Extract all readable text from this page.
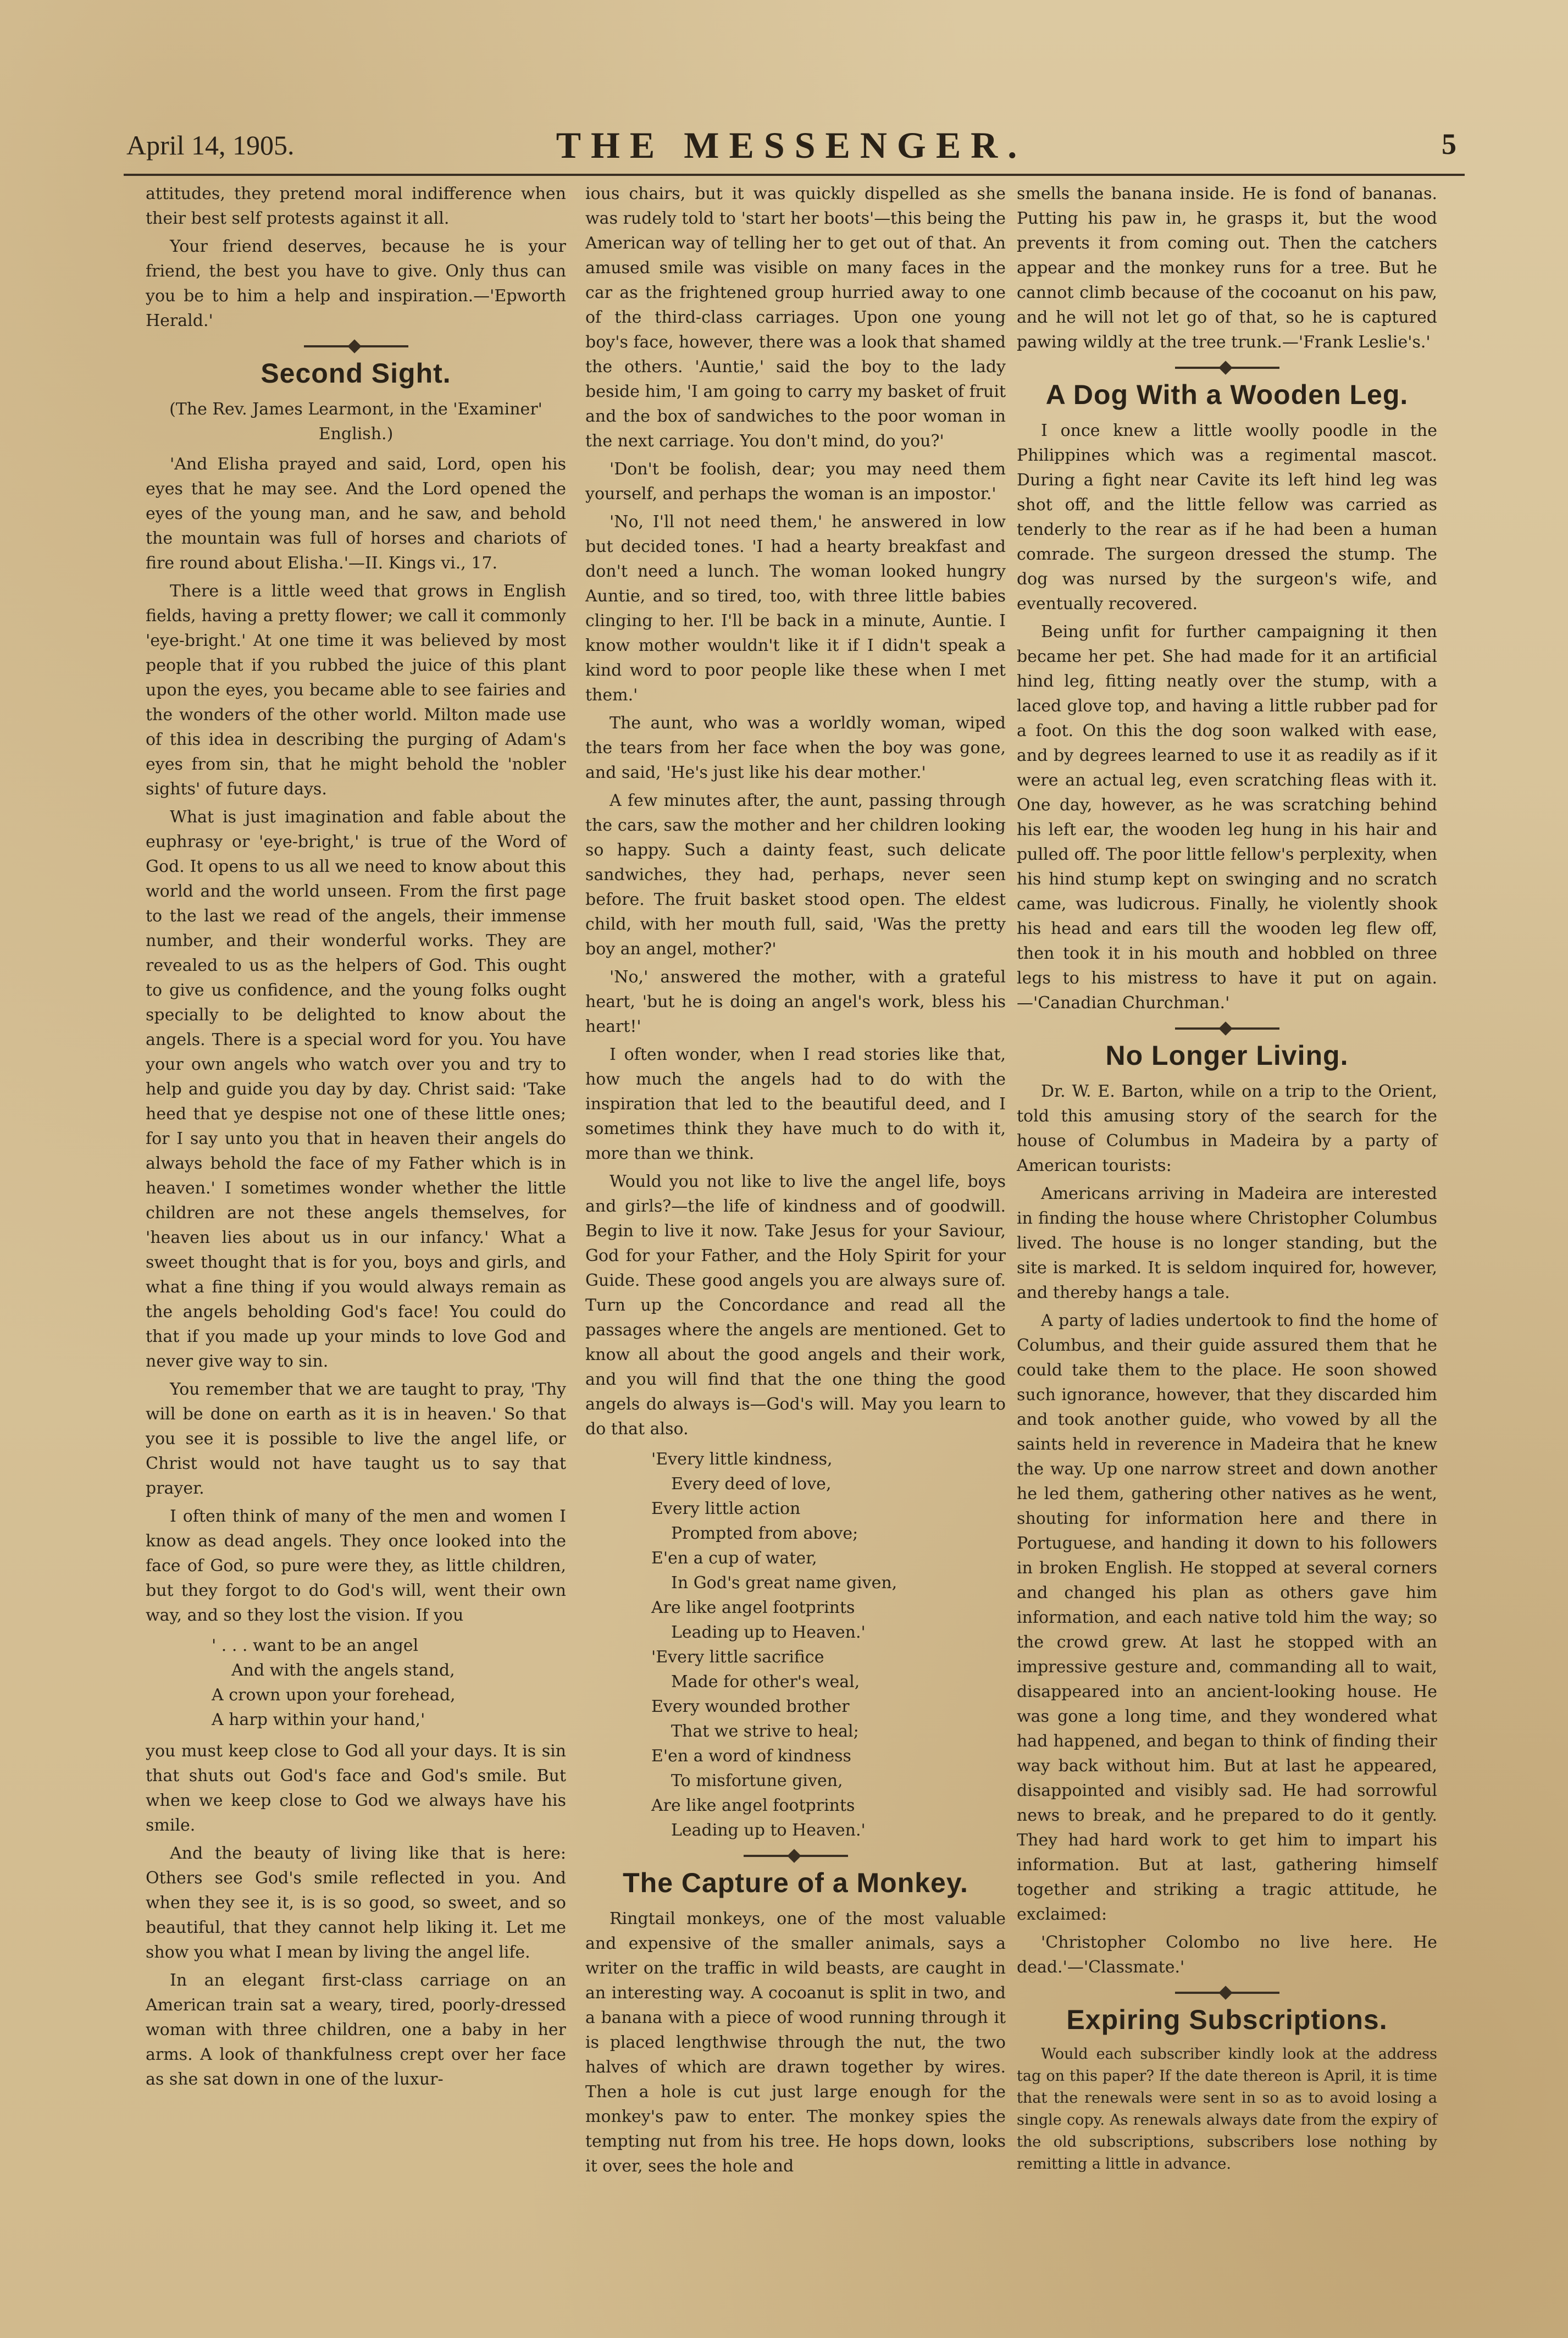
April 14, 1905.	THE MESSENGER.	5

attitudes, they pretend moral indifference when their best self protests against it all.

Your friend deserves, because he is your friend, the best you have to give. Only thus can you be to him a help and inspiration.—'Epworth Herald.'

Second Sight.

(The Rev. James Learmont, in the 'Examiner' English.)

'And Elisha prayed and said, Lord, open his eyes that he may see. And the Lord opened the eyes of the young man, and he saw, and behold the mountain was full of horses and chariots of fire round about Elisha.'—II. Kings vi., 17.

There is a little weed that grows in English fields, having a pretty flower; we call it commonly 'eye-bright.' At one time it was believed by most people that if you rubbed the juice of this plant upon the eyes, you became able to see fairies and the wonders of the other world. Milton made use of this idea in describing the purging of Adam's eyes from sin, that he might behold the 'nobler sights' of future days.

What is just imagination and fable about the euphrasy or 'eye-bright,' is true of the Word of God. It opens to us all we need to know about this world and the world unseen. From the first page to the last we read of the angels, their immense number, and their wonderful works. They are revealed to us as the helpers of God. This ought to give us confidence, and the young folks ought specially to be delighted to know about the angels. There is a special word for you. You have your own angels who watch over you and try to help and guide you day by day. Christ said: 'Take heed that ye despise not one of these little ones; for I say unto you that in heaven their angels do always behold the face of my Father which is in heaven.' I sometimes wonder whether the little children are not these angels themselves, for 'heaven lies about us in our infancy.' What a sweet thought that is for you, boys and girls, and what a fine thing if you would always remain as the angels beholding God's face! You could do that if you made up your minds to love God and never give way to sin.

You remember that we are taught to pray, 'Thy will be done on earth as it is in heaven.' So that you see it is possible to live the angel life, or Christ would not have taught us to say that prayer.

I often think of many of the men and women I know as dead angels. They once looked into the face of God, so pure were they, as little children, but they forgot to do God's will, went their own way, and so they lost the vision. If you

' . . . want to be an angel
And with the angels stand,
A crown upon your forehead,
A harp within your hand,'

you must keep close to God all your days. It is sin that shuts out God's face and God's smile. But when we keep close to God we always have his smile.

And the beauty of living like that is here: Others see God's smile reflected in you. And when they see it, is is so good, so sweet, and so beautiful, that they cannot help liking it. Let me show you what I mean by living the angel life.

In an elegant first-class carriage on an American train sat a weary, tired, poorly-dressed woman with three children, one a baby in her arms. A look of thankfulness crept over her face as she sat down in one of the luxur-

ious chairs, but it was quickly dispelled as she was rudely told to 'start her boots'—this being the American way of telling her to get out of that. An amused smile was visible on many faces in the car as the frightened group hurried away to one of the third-class carriages. Upon one young boy's face, however, there was a look that shamed the others. 'Auntie,' said the boy to the lady beside him, 'I am going to carry my basket of fruit and the box of sandwiches to the poor woman in the next carriage. You don't mind, do you?'

'Don't be foolish, dear; you may need them yourself, and perhaps the woman is an impostor.'

'No, I'll not need them,' he answered in low but decided tones. 'I had a hearty breakfast and don't need a lunch. The woman looked hungry Auntie, and so tired, too, with three little babies clinging to her. I'll be back in a minute, Auntie. I know mother wouldn't like it if I didn't speak a kind word to poor people like these when I met them.'

The aunt, who was a worldly woman, wiped the tears from her face when the boy was gone, and said, 'He's just like his dear mother.'

A few minutes after, the aunt, passing through the cars, saw the mother and her children looking so happy. Such a dainty feast, such delicate sandwiches, they had, perhaps, never seen before. The fruit basket stood open. The eldest child, with her mouth full, said, 'Was the pretty boy an angel, mother?'

'No,' answered the mother, with a grateful heart, 'but he is doing an angel's work, bless his heart!'

I often wonder, when I read stories like that, how much the angels had to do with the inspiration that led to the beautiful deed, and I sometimes think they have much to do with it, more than we think.

Would you not like to live the angel life, boys and girls?—the life of kindness and of goodwill. Begin to live it now. Take Jesus for your Saviour, God for your Father, and the Holy Spirit for your Guide. These good angels you are always sure of. Turn up the Concordance and read all the passages where the angels are mentioned. Get to know all about the good angels and their work, and you will find that the one thing the good angels do always is—God's will. May you learn to do that also.

'Every little kindness,
Every deed of love,
Every little action
Prompted from above;
E'en a cup of water,
In God's great name given,
Are like angel footprints
Leading up to Heaven.'
'Every little sacrifice
Made for other's weal,
Every wounded brother
That we strive to heal;
E'en a word of kindness
To misfortune given,
Are like angel footprints
Leading up to Heaven.'
The Capture of a Monkey.

Ringtail monkeys, one of the most valuable and expensive of the smaller animals, says a writer on the traffic in wild beasts, are caught in an interesting way. A cocoanut is split in two, and a banana with a piece of wood running through it is placed lengthwise through the nut, the two halves of which are drawn together by wires. Then a hole is cut just large enough for the monkey's paw to enter. The monkey spies the tempting nut from his tree. He hops down, looks it over, sees the hole and

smells the banana inside. He is fond of bananas. Putting his paw in, he grasps it, but the wood prevents it from coming out. Then the catchers appear and the monkey runs for a tree. But he cannot climb because of the cocoanut on his paw, and he will not let go of that, so he is captured pawing wildly at the tree trunk.—'Frank Leslie's.'

A Dog With a Wooden Leg.

I once knew a little woolly poodle in the Philippines which was a regimental mascot. During a fight near Cavite its left hind leg was shot off, and the little fellow was carried as tenderly to the rear as if he had been a human comrade. The surgeon dressed the stump. The dog was nursed by the surgeon's wife, and eventually recovered.

Being unfit for further campaigning it then became her pet. She had made for it an artificial hind leg, fitting neatly over the stump, with a laced glove top, and having a little rubber pad for a foot. On this the dog soon walked with ease, and by degrees learned to use it as readily as if it were an actual leg, even scratching fleas with it. One day, however, as he was scratching behind his left ear, the wooden leg hung in his hair and pulled off. The poor little fellow's perplexity, when his hind stump kept on swinging and no scratch came, was ludicrous. Finally, he violently shook his head and ears till the wooden leg flew off, then took it in his mouth and hobbled on three legs to his mistress to have it put on again.—'Canadian Churchman.'

No Longer Living.

Dr. W. E. Barton, while on a trip to the Orient, told this amusing story of the search for the house of Columbus in Madeira by a party of American tourists:

Americans arriving in Madeira are interested in finding the house where Christopher Columbus lived. The house is no longer standing, but the site is marked. It is seldom inquired for, however, and thereby hangs a tale.

A party of ladies undertook to find the home of Columbus, and their guide assured them that he could take them to the place. He soon showed such ignorance, however, that they discarded him and took another guide, who vowed by all the saints held in reverence in Madeira that he knew the way. Up one narrow street and down another he led them, gathering other natives as he went, shouting for information here and there in Portuguese, and handing it down to his followers in broken English. He stopped at several corners and changed his plan as others gave him information, and each native told him the way; so the crowd grew. At last he stopped with an impressive gesture and, commanding all to wait, disappeared into an ancient-looking house. He was gone a long time, and they wondered what had happened, and began to think of finding their way back without him. But at last he appeared, disappointed and visibly sad. He had sorrowful news to break, and he prepared to do it gently. They had hard work to get him to impart his information. But at last, gathering himself together and striking a tragic attitude, he exclaimed:

'Christopher Colombo no live here. He dead.'—'Classmate.'

Expiring Subscriptions.

Would each subscriber kindly look at the address tag on this paper? If the date thereon is April, it is time that the renewals were sent in so as to avoid losing a single copy. As renewals always date from the expiry of the old subscriptions, subscribers lose nothing by remitting a little in advance.
